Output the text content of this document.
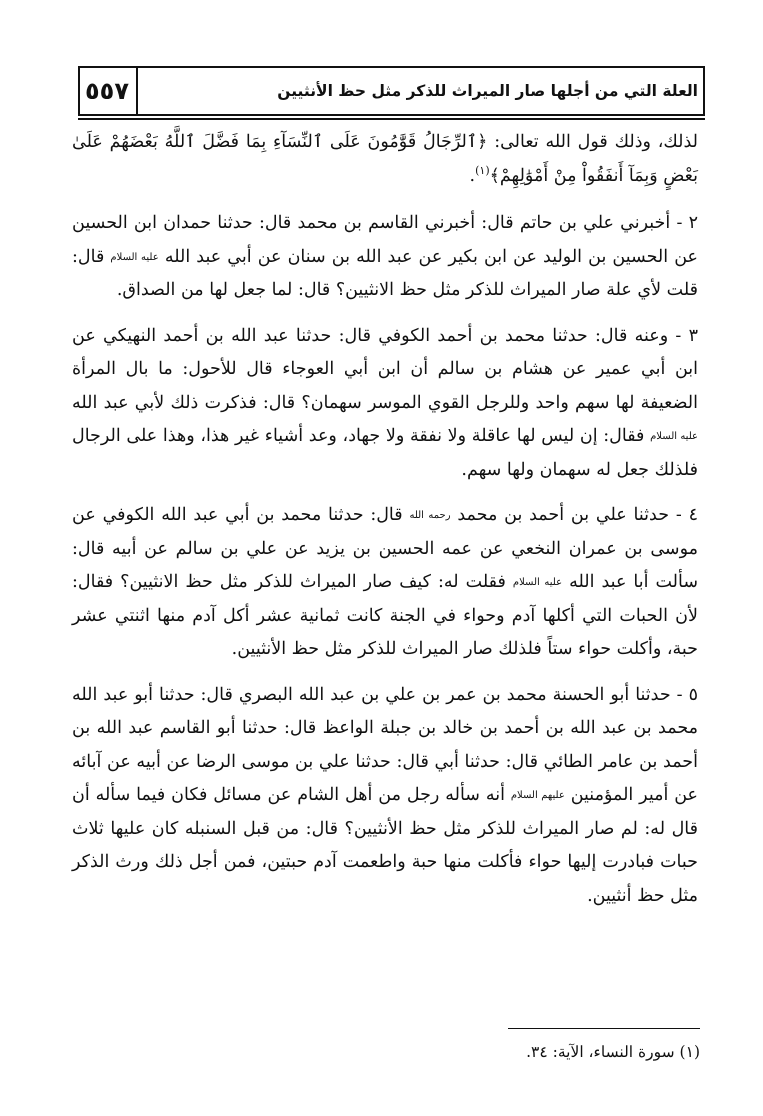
٥٥٧	العلة التي من أجلها صار الميراث للذكر مثل حظ الأنثيين

لذلك، وذلك قول الله تعالى: ﴿ٱلرِّجَالُ قَوَّٰمُونَ عَلَى ٱلنِّسَآءِ بِمَا فَضَّلَ ٱللَّهُ بَعْضَهُمْ عَلَىٰ بَعْضٍ وَبِمَآ أَنفَقُواْ مِنْ أَمْوَٰلِهِمْ﴾$^{(١)}$.

٢ - أخبرني علي بن حاتم قال: أخبرني القاسم بن محمد قال: حدثنا حمدان ابن الحسين عن الحسين بن الوليد عن ابن بكير عن عبد الله بن سنان عن أبي عبد الله عليه السلام قال: قلت لأي علة صار الميراث للذكر مثل حظ الانثيين؟ قال: لما جعل لها من الصداق.

٣ - وعنه قال: حدثنا محمد بن أحمد الكوفي قال: حدثنا عبد الله بن أحمد النهيكي عن ابن أبي عمير عن هشام بن سالم أن ابن أبي العوجاء قال للأحول: ما بال المرأة الضعيفة لها سهم واحد وللرجل القوي الموسر سهمان؟ قال: فذكرت ذلك لأبي عبد الله عليه السلام فقال: إن ليس لها عاقلة ولا نفقة ولا جهاد، وعد أشياء غير هذا، وهذا على الرجال فلذلك جعل له سهمان ولها سهم.

٤ - حدثنا علي بن أحمد بن محمد رحمه الله قال: حدثنا محمد بن أبي عبد الله الكوفي عن موسى بن عمران النخعي عن عمه الحسين بن يزيد عن علي بن سالم عن أبيه قال: سألت أبا عبد الله عليه السلام فقلت له: كيف صار الميراث للذكر مثل حظ الانثيين؟ فقال: لأن الحبات التي أكلها آدم وحواء في الجنة كانت ثمانية عشر أكل آدم منها اثنتي عشر حبة، وأكلت حواء ستاً فلذلك صار الميراث للذكر مثل حظ الأنثيين.

٥ - حدثنا أبو الحسنة محمد بن عمر بن علي بن عبد الله البصري قال: حدثنا أبو عبد الله محمد بن عبد الله بن أحمد بن خالد بن جبلة الواعظ قال: حدثنا أبو القاسم عبد الله بن أحمد بن عامر الطائي قال: حدثنا أبي قال: حدثنا علي بن موسى الرضا عن أبيه عن آبائه عن أمير المؤمنين عليهم السلام أنه سأله رجل من أهل الشام عن مسائل فكان فيما سأله أن قال له: لم صار الميراث للذكر مثل حظ الأنثيين؟ قال: من قبل السنبله كان عليها ثلاث حبات فبادرت إليها حواء فأكلت منها حبة واطعمت آدم حبتين، فمن أجل ذلك ورث الذكر مثل حظ أنثيين.

(١) سورة النساء، الآية: ٣٤.
